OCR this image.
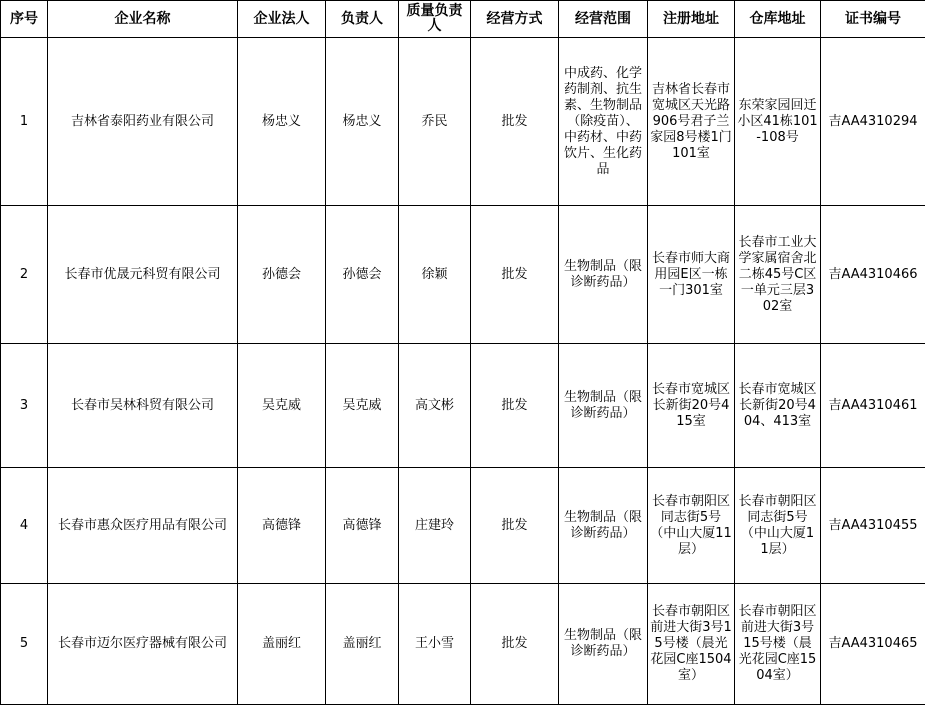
序号	企业名称	企业法人	负责人	质量负责人	经营方式	经营范围	注册地址	仓库地址	证书编号
1	吉林省泰阳药业有限公司	杨忠义	杨忠义	乔民	批发	中成药、化学药制剂、抗生素、生物制品（除疫苗）、中药材、中药饮片、生化药品	吉林省长春市宽城区天光路906号君子兰家园8号楼1门101室	东荣家园回迁小区41栋101-108号	吉AA4310294
2	长春市优晟元科贸有限公司	孙德会	孙德会	徐颖	批发	生物制品（限诊断药品）	长春市师大商用园E区一栋一门301室	长春市工业大学家属宿舍北二栋45号C区一单元三层302室	吉AA4310466
3	长春市吴林科贸有限公司	吴克威	吴克威	高文彬	批发	生物制品（限诊断药品）	长春市宽城区长新街20号415室	长春市宽城区长新街20号404、413室	吉AA4310461
4	长春市惠众医疗用品有限公司	高德锋	高德锋	庄建玲	批发	生物制品（限诊断药品）	长春市朝阳区同志街5号（中山大厦11层）	长春市朝阳区同志街5号（中山大厦11层）	吉AA4310455
5	长春市迈尔医疗器械有限公司	盖丽红	盖丽红	王小雪	批发	生物制品（限诊断药品）	长春市朝阳区前进大街3号15号楼（晨光花园C座1504室）	长春市朝阳区前进大街3号15号楼（晨光花园C座1504室）	吉AA4310465
